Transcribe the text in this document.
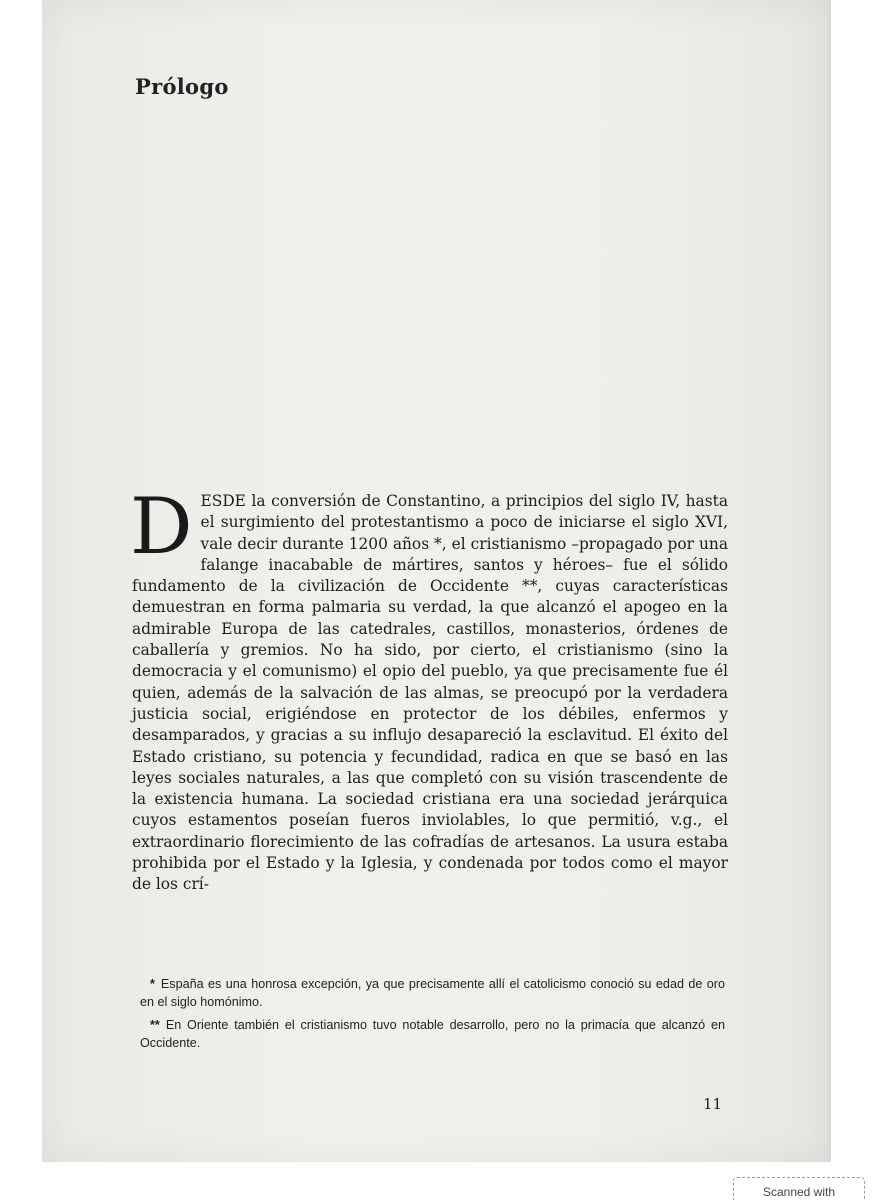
Prólogo

DESDE la conversión de Constantino, a principios del siglo IV, hasta el surgimiento del protestantismo a poco de iniciarse el siglo XVI, vale decir durante 1200 años *, el cristianismo –propagado por una falange inacabable de mártires, santos y héroes– fue el sólido fundamento de la civilización de Occidente **, cuyas características demuestran en forma palmaria su verdad, la que alcanzó el apogeo en la admirable Europa de las catedrales, castillos, monasterios, órdenes de caballería y gremios. No ha sido, por cierto, el cristianismo (sino la democracia y el comunismo) el opio del pueblo, ya que precisamente fue él quien, además de la salvación de las almas, se preocupó por la verdadera justicia social, erigiéndose en protector de los débiles, enfermos y desamparados, y gracias a su influjo desapareció la esclavitud. El éxito del Estado cristiano, su potencia y fecundidad, radica en que se basó en las leyes sociales naturales, a las que completó con su visión trascendente de la existencia humana. La sociedad cristiana era una sociedad jerárquica cuyos estamentos poseían fueros inviolables, lo que permitió, v.g., el extraordinario florecimiento de las cofradías de artesanos. La usura estaba prohibida por el Estado y la Iglesia, y condenada por todos como el mayor de los crí-

* España es una honrosa excepción, ya que precisamente allí el catolicismo conoció su edad de oro en el siglo homónimo.

** En Oriente también el cristianismo tuvo notable desarrollo, pero no la primacía que alcanzó en Occidente.

11
Scanned with
